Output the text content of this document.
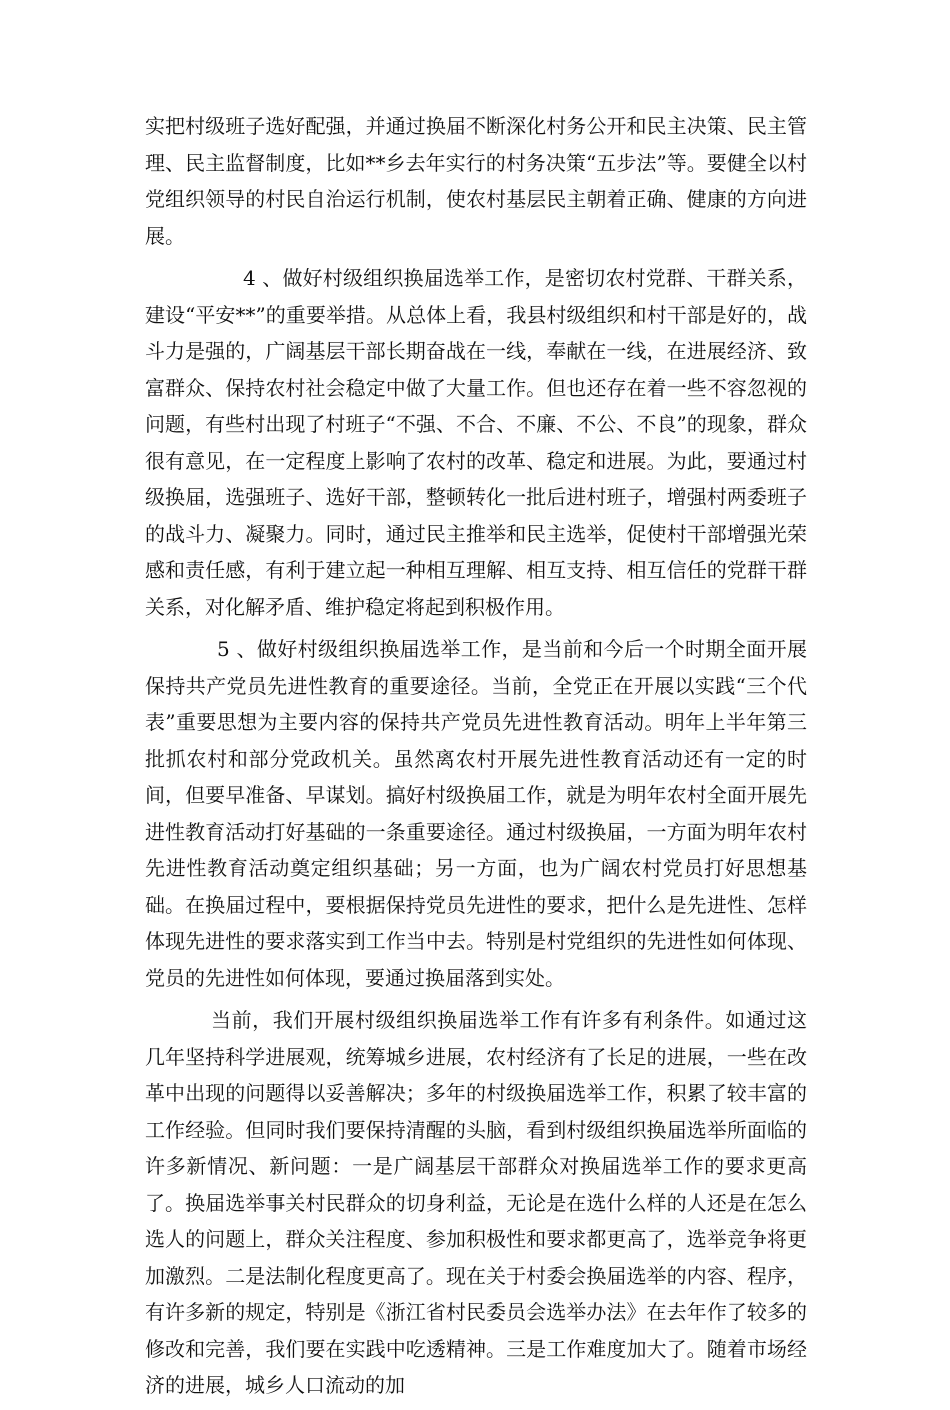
实把村级班子选好配强，并通过换届不断深化村务公开和民主决策、民主管理、民主监督制度，比如**乡去年实行的村务决策“五步法”等。要健全以村党组织领导的村民自治运行机制，使农村基层民主朝着正确、健康的方向进展。

4 、做好村级组织换届选举工作，是密切农村党群、干群关系，建设“平安**”的重要举措。从总体上看，我县村级组织和村干部是好的，战斗力是强的，广阔基层干部长期奋战在一线，奉献在一线，在进展经济、致富群众、保持农村社会稳定中做了大量工作。但也还存在着一些不容忽视的问题，有些村出现了村班子“不强、不合、不廉、不公、不良”的现象，群众很有意见，在一定程度上影响了农村的改革、稳定和进展。为此，要通过村级换届，选强班子、选好干部，整顿转化一批后进村班子，增强村两委班子的战斗力、凝聚力。同时，通过民主推举和民主选举，促使村干部增强光荣感和责任感，有利于建立起一种相互理解、相互支持、相互信任的党群干群关系，对化解矛盾、维护稳定将起到积极作用。

5 、做好村级组织换届选举工作，是当前和今后一个时期全面开展保持共产党员先进性教育的重要途径。当前，全党正在开展以实践“三个代表”重要思想为主要内容的保持共产党员先进性教育活动。明年上半年第三批抓农村和部分党政机关。虽然离农村开展先进性教育活动还有一定的时间，但要早准备、早谋划。搞好村级换届工作，就是为明年农村全面开展先进性教育活动打好基础的一条重要途径。通过村级换届，一方面为明年农村先进性教育活动奠定组织基础；另一方面，也为广阔农村党员打好思想基础。在换届过程中，要根据保持党员先进性的要求，把什么是先进性、怎样体现先进性的要求落实到工作当中去。特别是村党组织的先进性如何体现、党员的先进性如何体现，要通过换届落到实处。

当前，我们开展村级组织换届选举工作有许多有利条件。如通过这几年坚持科学进展观，统筹城乡进展，农村经济有了长足的进展，一些在改革中出现的问题得以妥善解决；多年的村级换届选举工作，积累了较丰富的工作经验。但同时我们要保持清醒的头脑，看到村级组织换届选举所面临的许多新情况、新问题：一是广阔基层干部群众对换届选举工作的要求更高了。换届选举事关村民群众的切身利益，无论是在选什么样的人还是在怎么选人的问题上，群众关注程度、参加积极性和要求都更高了，选举竞争将更加激烈。二是法制化程度更高了。现在关于村委会换届选举的内容、程序，有许多新的规定，特别是《浙江省村民委员会选举办法》在去年作了较多的修改和完善，我们要在实践中吃透精神。三是工作难度加大了。随着市场经济的进展，城乡人口流动的加
